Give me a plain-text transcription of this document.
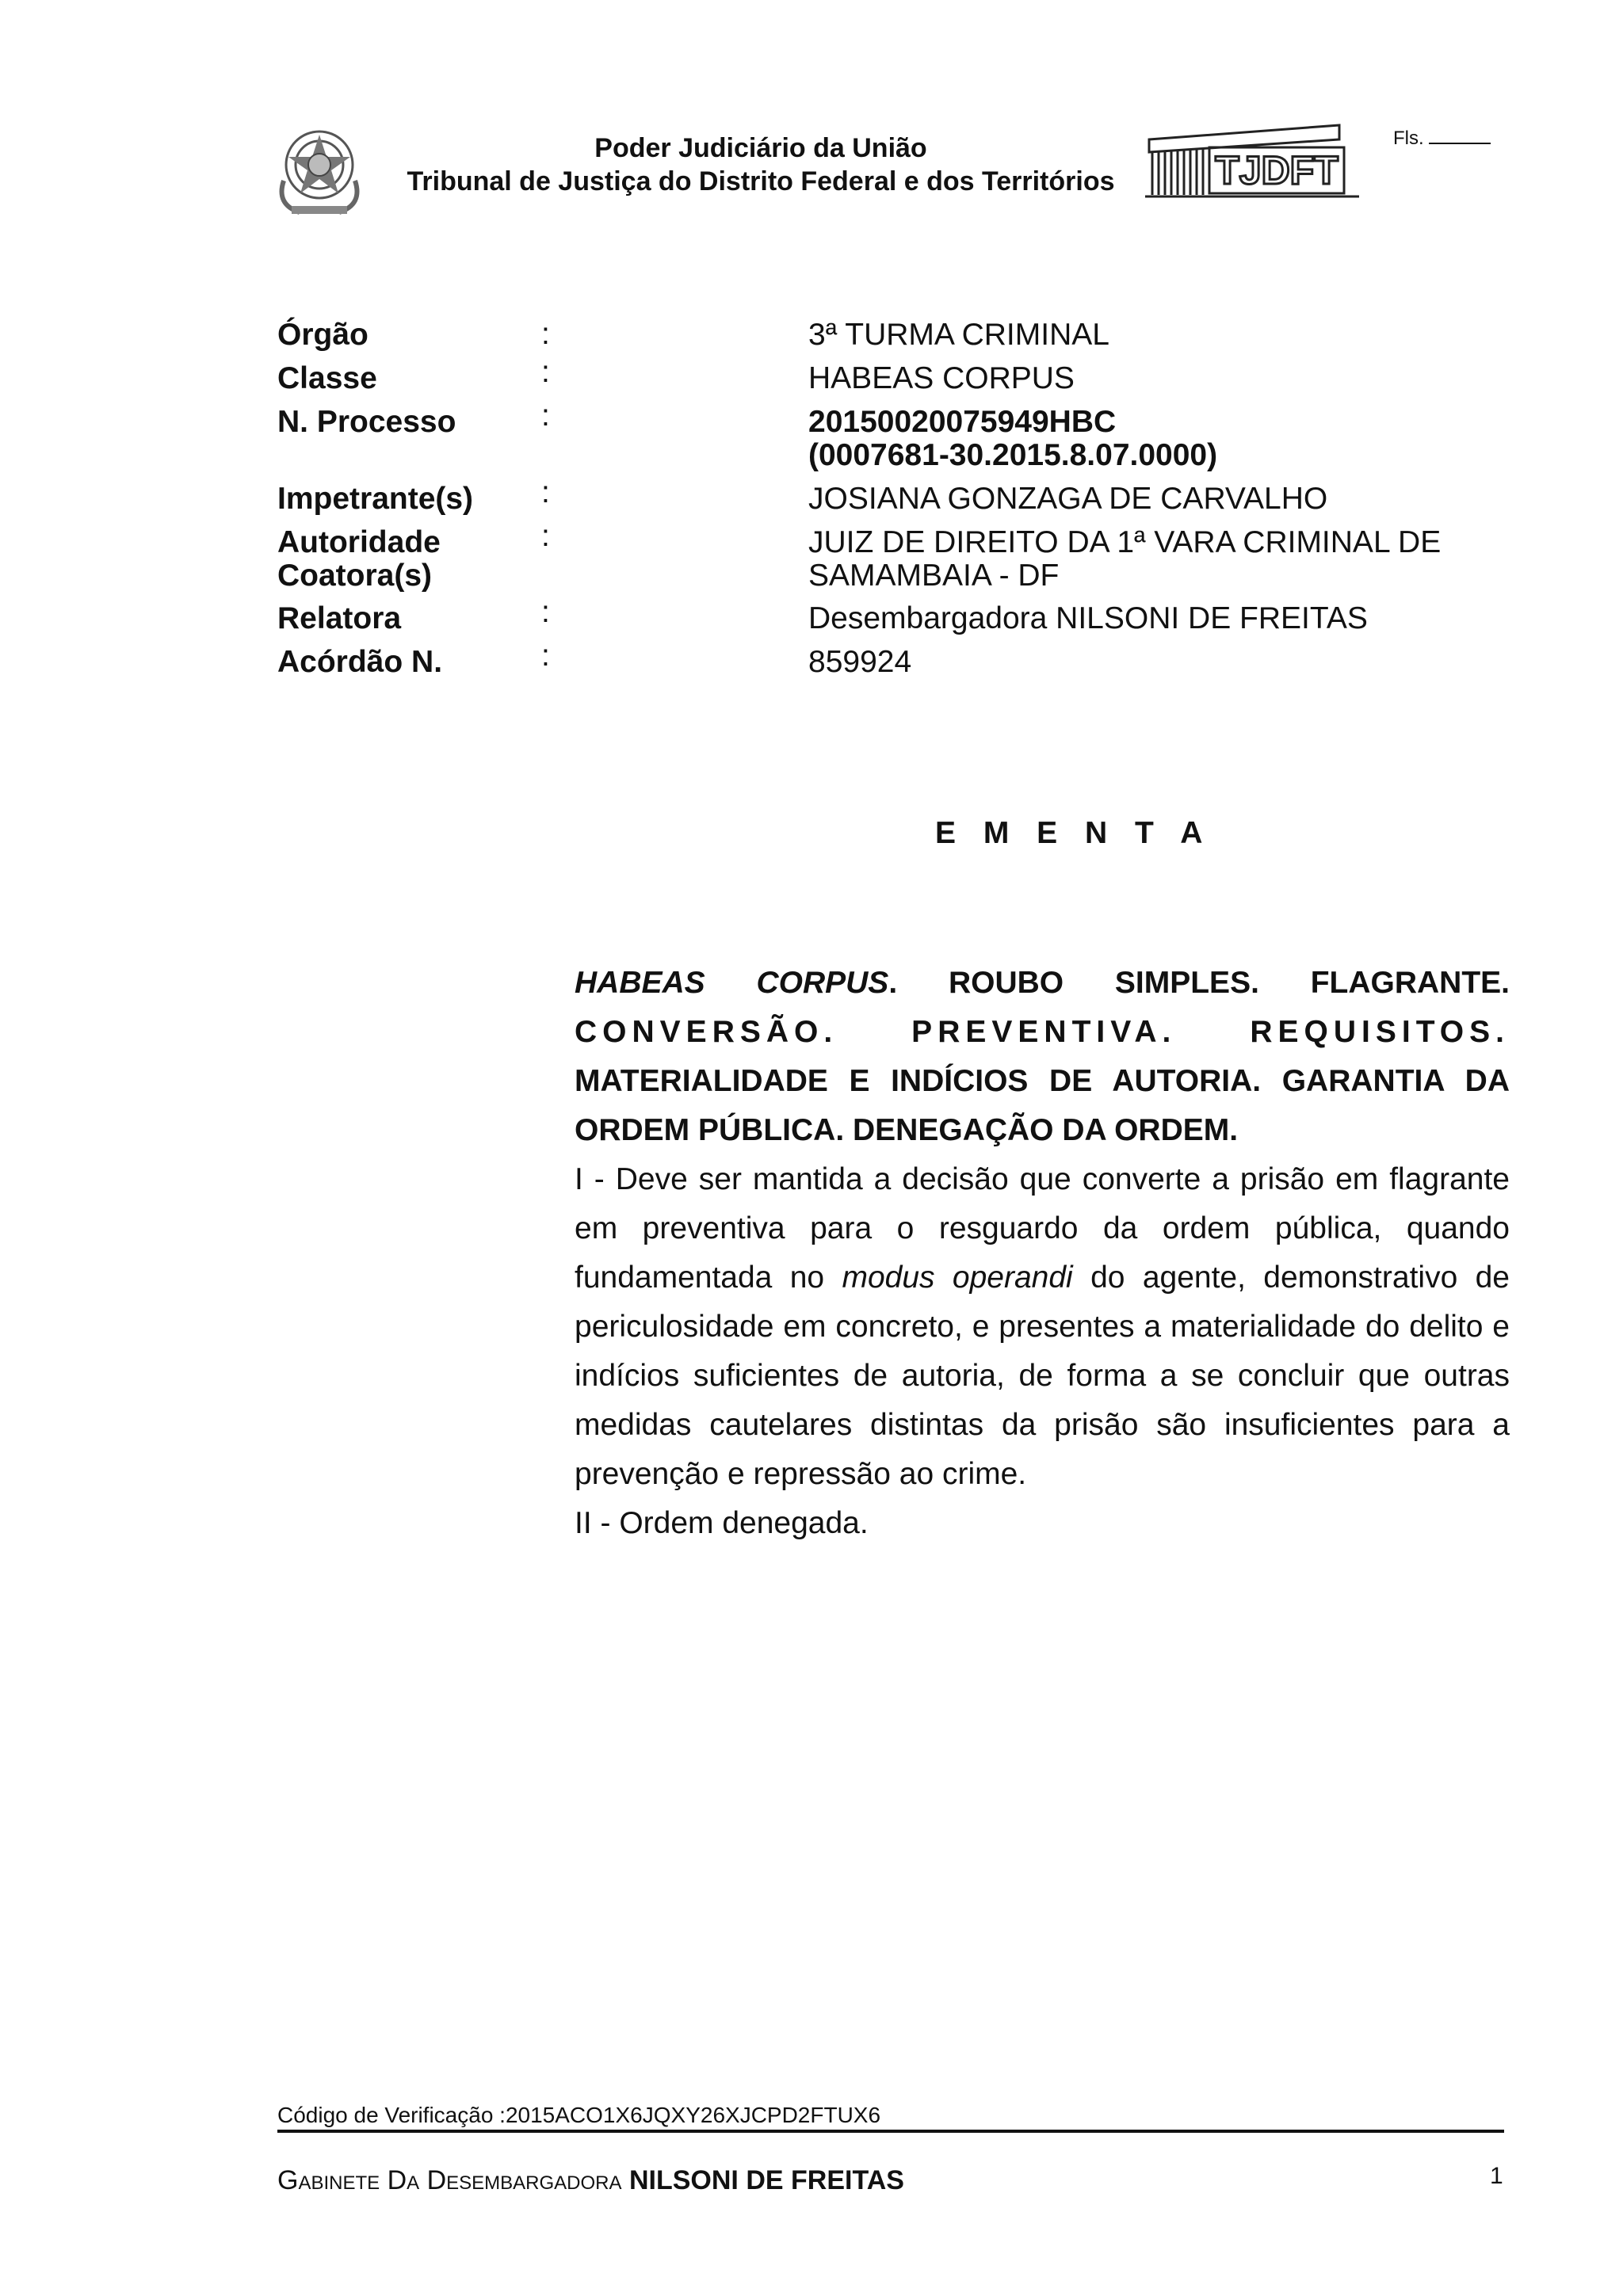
Poder Judiciário da União
Tribunal de Justiça do Distrito Federal e dos Territórios	TJDFT
Fls.
Órgão	:	3ª TURMA CRIMINAL
Classe	:	HABEAS CORPUS
N. Processo	:	20150020075949HBC
(0007681-30.2015.8.07.0000)
Impetrante(s) :	JOSIANA GONZAGA DE CARVALHO
Autoridade
Coatora(s)
:	JUIZ DE DIREITO DA 1ª VARA CRIMINAL DE
SAMAMBAIA - DF
Relatora	:	Desembargadora NILSONI DE FREITAS
Acórdão N.	:	859924
E M E N T A

HABEAS CORPUS. ROUBO SIMPLES. FLAGRANTE.

CONVERSÃO. PREVENTIVA. REQUISITOS.

MATERIALIDADE E INDÍCIOS DE AUTORIA. GARANTIA DA ORDEM PÚBLICA. DENEGAÇÃO DA ORDEM.

I - Deve ser mantida a decisão que converte a prisão em flagrante em preventiva para o resguardo da ordem pública, quando fundamentada no modus operandi do agente, demonstrativo de periculosidade em concreto, e presentes a materialidade do delito e indícios suficientes de autoria, de forma a se concluir que outras medidas cautelares distintas da prisão são insuficientes para a prevenção e repressão ao crime.

II - Ordem denegada.

Código de Verificação :2015ACO1X6JQXY26XJCPD2FTUX6
Gabinete Da Desembargadora NILSONI DE FREITAS	1
